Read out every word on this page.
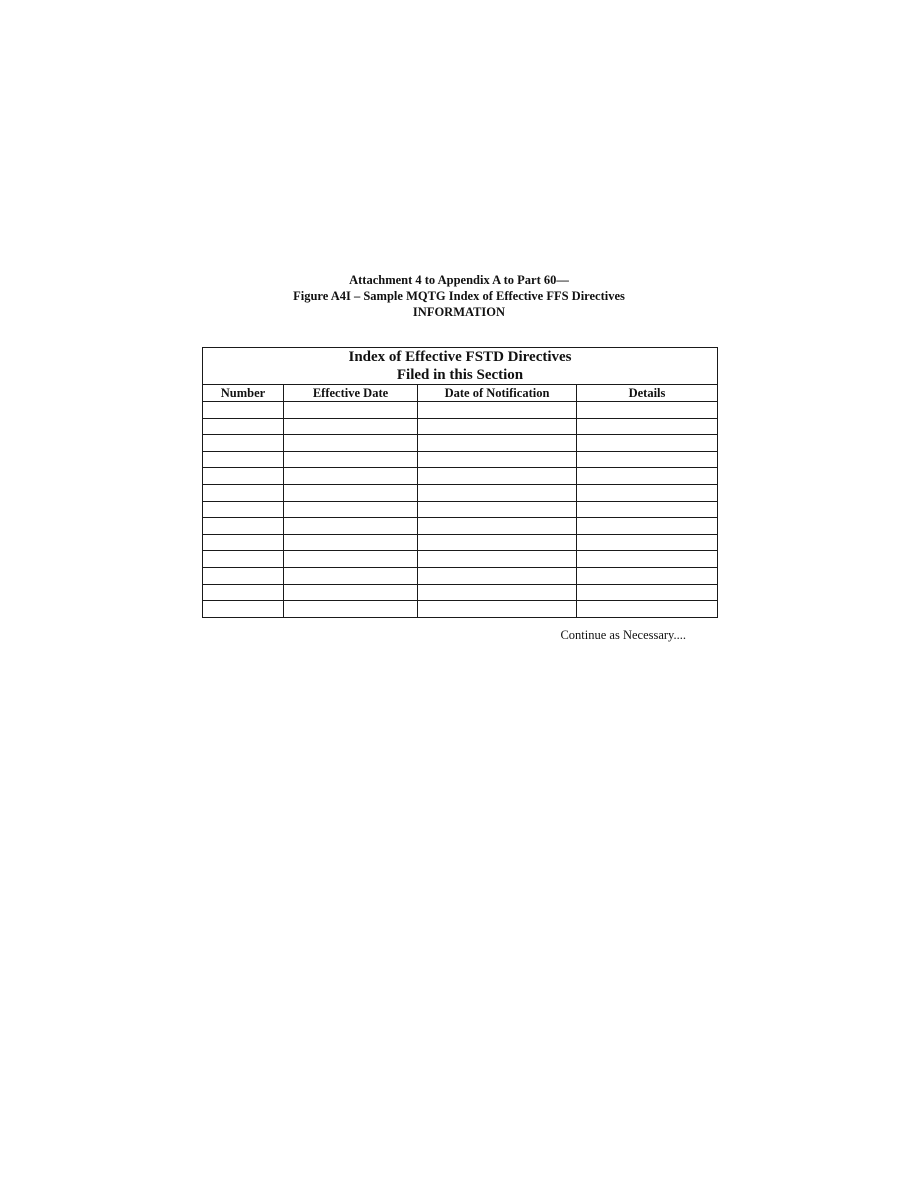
Attachment 4 to Appendix A to Part 60—
Figure A4I – Sample MQTG Index of Effective FFS Directives
INFORMATION
Index of Effective FSTD Directives
Filed in this Section			

Number	Effective Date	Date of Notification	Details

Continue as Necessary....
